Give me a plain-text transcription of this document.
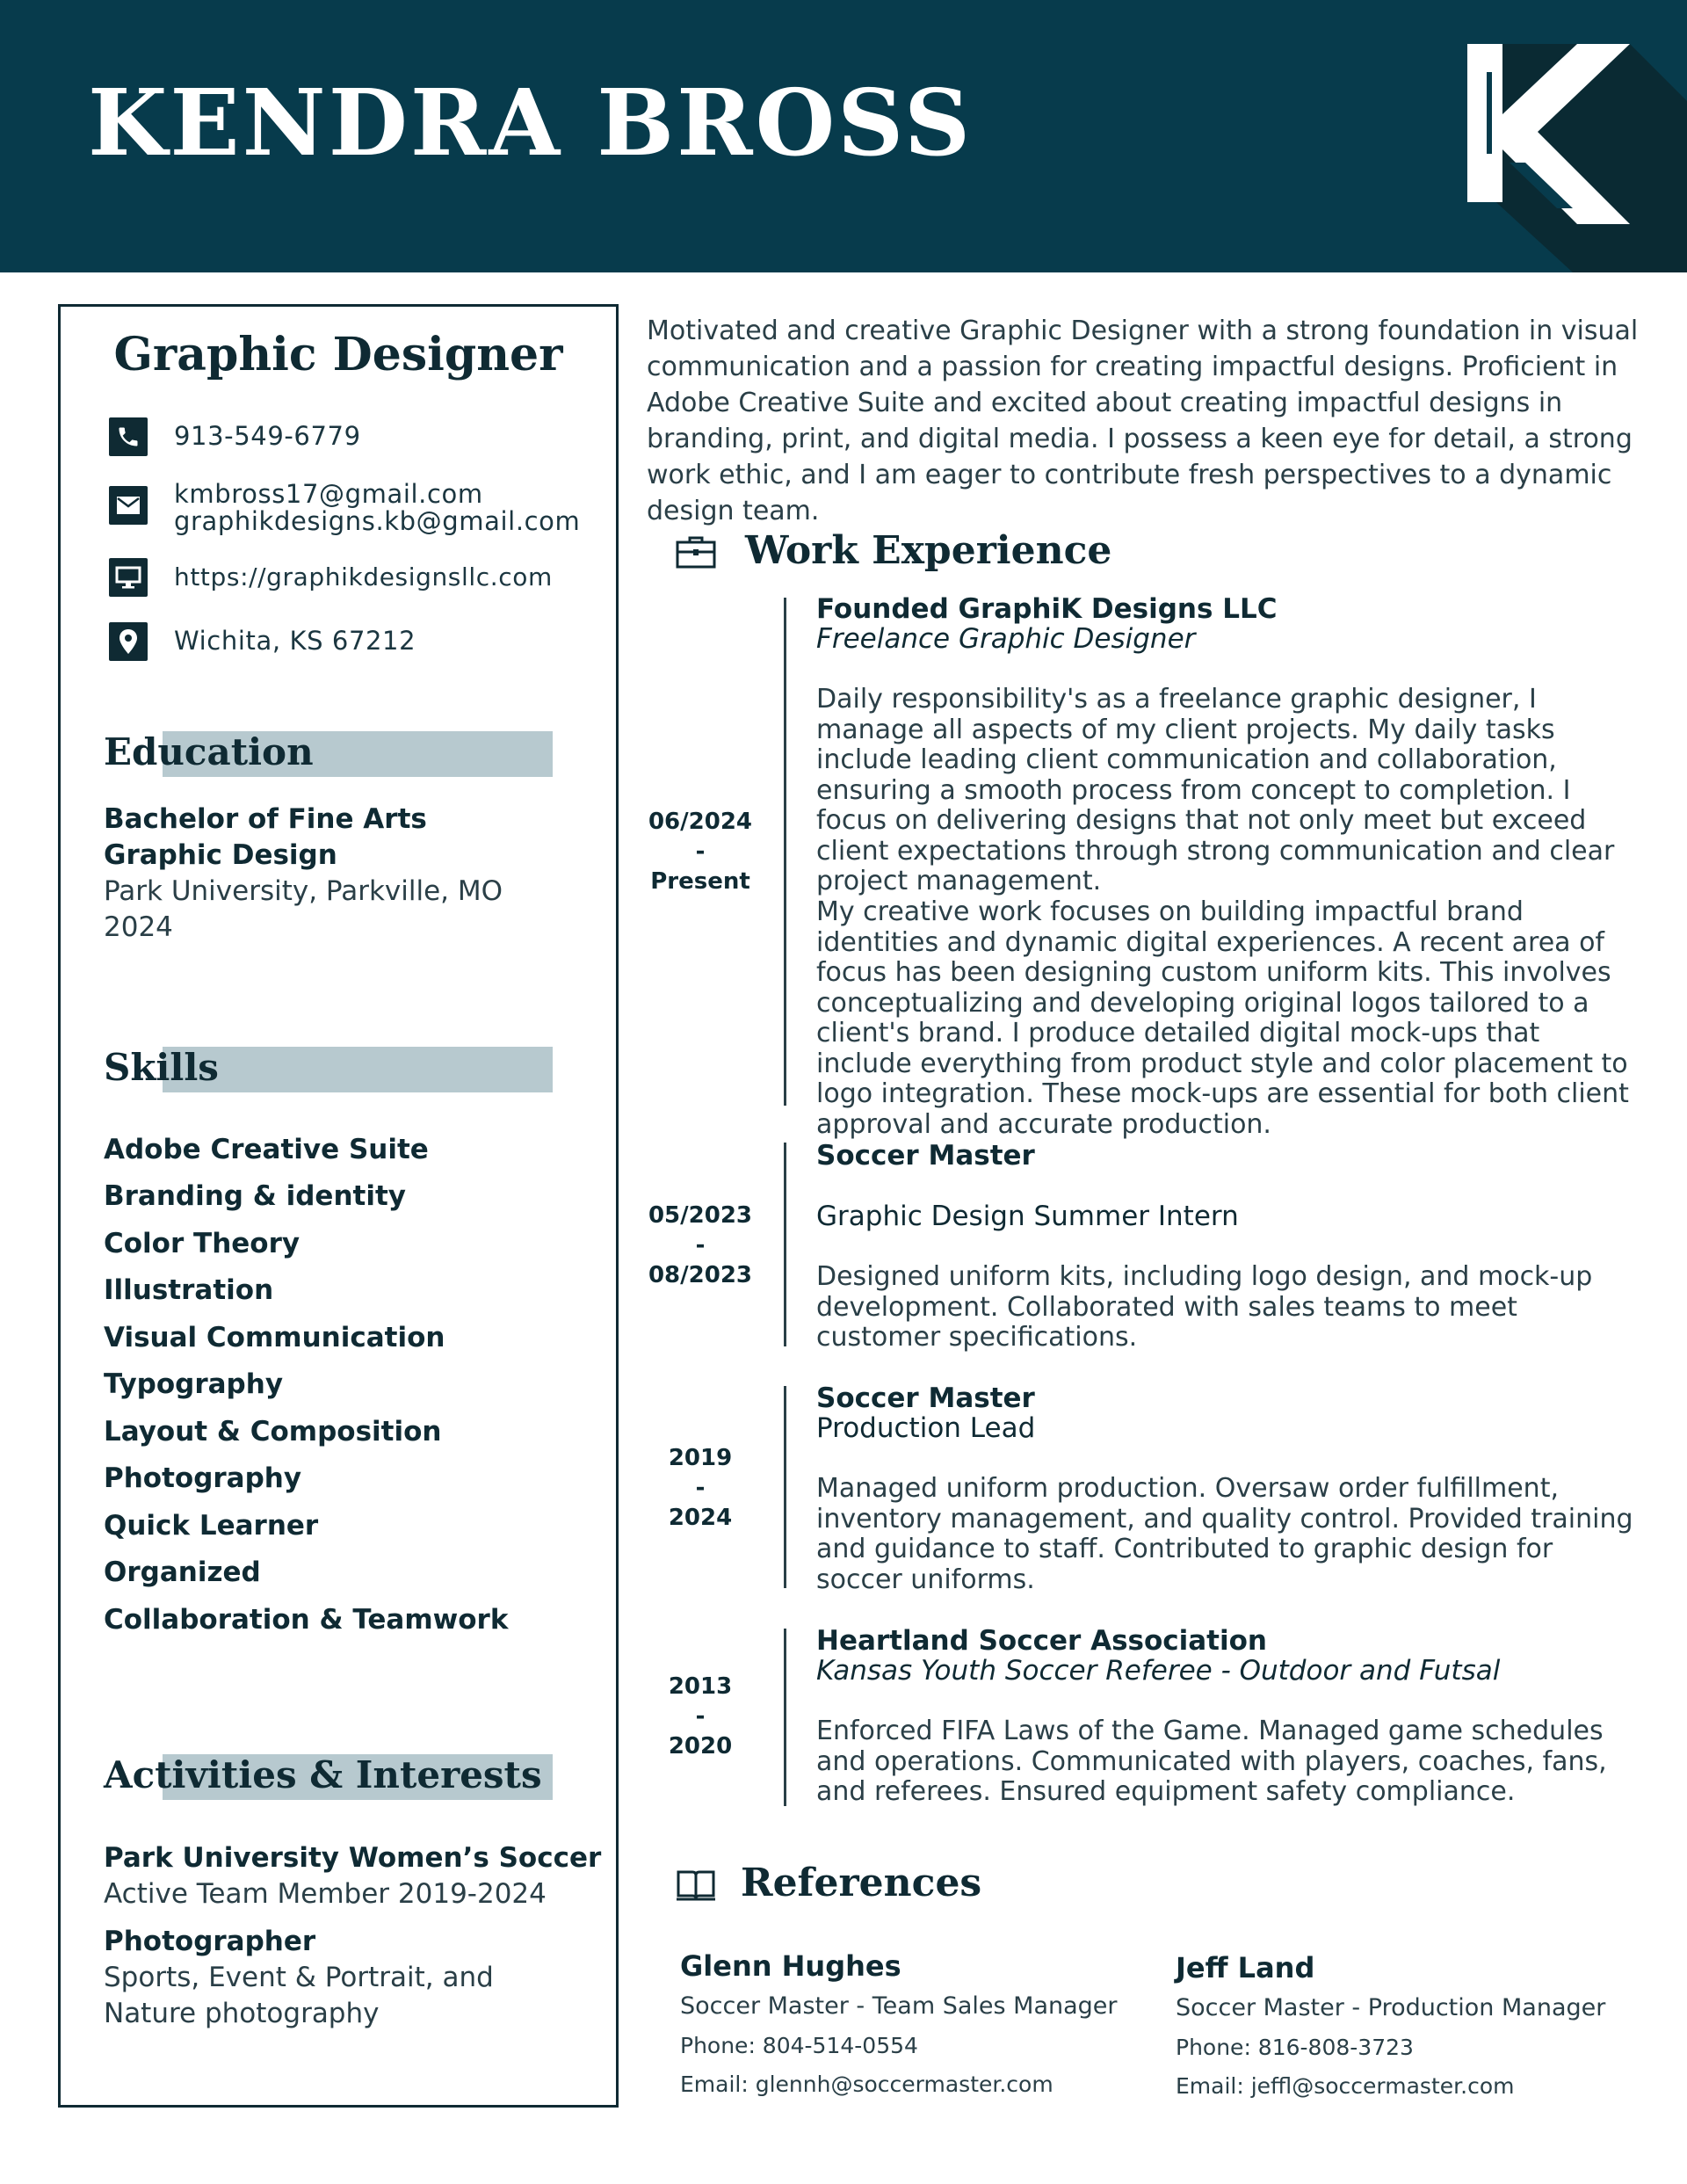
KENDRA BROSS
Graphic Designer
913-549-6779
kmbross17@gmail.com
graphikdesigns.kb@gmail.com
https://graphikdesignsllc.com
Wichita, KS 67212
Education
Bachelor of Fine Arts
Graphic Design
Park University, Parkville, MO
2024
Skills
Adobe Creative Suite
Branding & identity
Color Theory
Illustration
Visual Communication
Typography
Layout & Composition
Photography
Quick Learner
Organized
Collaboration & Teamwork
Activities & Interests
Park University Women’s Soccer
Active Team Member 2019-2024
Photographer
Sports, Event & Portrait, and
Nature photography
Motivated and creative Graphic Designer with a strong foundation in visual communication and a passion for creating impactful designs. Proficient in Adobe Creative Suite and excited about creating impactful designs in branding, print, and digital media. I possess a keen eye for detail, a strong work ethic, and I am eager to contribute fresh perspectives to a dynamic design team.
Work Experience
06/2024
-
Present
Founded GraphiK Designs LLC
Freelance Graphic Designer
Daily responsibility's as a freelance graphic designer, I manage all aspects of my client projects. My daily tasks include leading client communication and collaboration, ensuring a smooth process from concept to completion. I focus on delivering designs that not only meet but exceed client expectations through strong communication and clear project management.
My creative work focuses on building impactful brand identities and dynamic digital experiences. A recent area of focus has been designing custom uniform kits. This involves conceptualizing and developing original logos tailored to a client's brand. I produce detailed digital mock-ups that include everything from product style and color placement to logo integration. These mock-ups are essential for both client approval and accurate production.
05/2023
-
08/2023
Soccer Master
Graphic Design Summer Intern
Designed uniform kits, including logo design, and mock-up development. Collaborated with sales teams to meet customer specifications.
2019
-
2024
Soccer Master
Production Lead
Managed uniform production. Oversaw order fulfillment, inventory management, and quality control. Provided training and guidance to staff. Contributed to graphic design for soccer uniforms.
2013
-
2020
Heartland Soccer Association
Kansas Youth Soccer Referee - Outdoor and Futsal
Enforced FIFA Laws of the Game. Managed game schedules and operations. Communicated with players, coaches, fans, and referees. Ensured equipment safety compliance.
References
Glenn Hughes
Soccer Master - Team Sales Manager
Phone: 804-514-0554
Email: glennh@soccermaster.com
Jeff Land
Soccer Master - Production Manager
Phone: 816-808-3723
Email: jeffl@soccermaster.com
